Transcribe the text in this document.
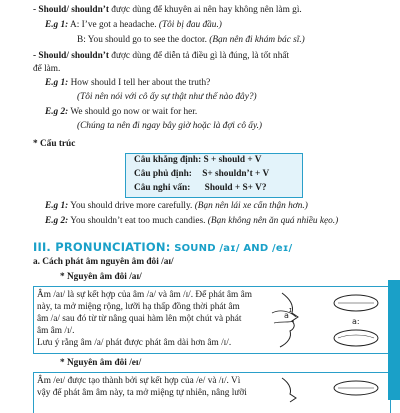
- Should/ shouldn’t được dùng để khuyên ai nên hay không nên làm gì.
E.g 1: A: I’ve got a headache. (Tôi bị đau đầu.)
B: You should go to see the doctor. (Bạn nên đi khám bác sĩ.)
- Should/ shouldn’t được dùng để diễn tả điều gì là đúng, là tốt nhất
để làm.
E.g 1: How should I tell her about the truth?
(Tôi nên nói với cô ấy sự thật như thế nào đây?)
E.g 2: We should go now or wait for her.
(Chúng ta nên đi ngay bây giờ hoặc là đợi cô ấy.)
* Cấu trúc
Câu khẳng định: S + should + V
Câu phủ định: S+ shouldn’t + V
Câu nghi vấn: Should + S+ V?
E.g 1: You should drive more carefully. (Bạn nên lái xe cẩn thận hơn.)
E.g 2: You shouldn’t eat too much candies. (Bạn không nên ăn quá nhiều kẹo.)
III. PRONUNCIATION: SOUND /aɪ/ AND /eɪ/
a. Cách phát âm nguyên âm đôi /aɪ/
* Nguyên âm đôi /aɪ/
Âm /aɪ/ là sự kết hợp của âm /a/ và âm /ɪ/. Để phát âm âm
này, ta mở miệng rộng, lưỡi hạ thấp đồng thời phát âm
âm /a/ sau đó từ từ nâng quai hàm lên một chút và phát
âm âm /ɪ/.
Lưu ý rằng âm /a/ phát được phát âm dài hơn âm /ɪ/.
a
ɪ
a:
* Nguyên âm đôi /eɪ/
Âm /eɪ/ được tạo thành bởi sự kết hợp của /e/ và /ɪ/. Vì
vậy để phát âm âm này, ta mở miệng tự nhiên, nâng lưỡi
